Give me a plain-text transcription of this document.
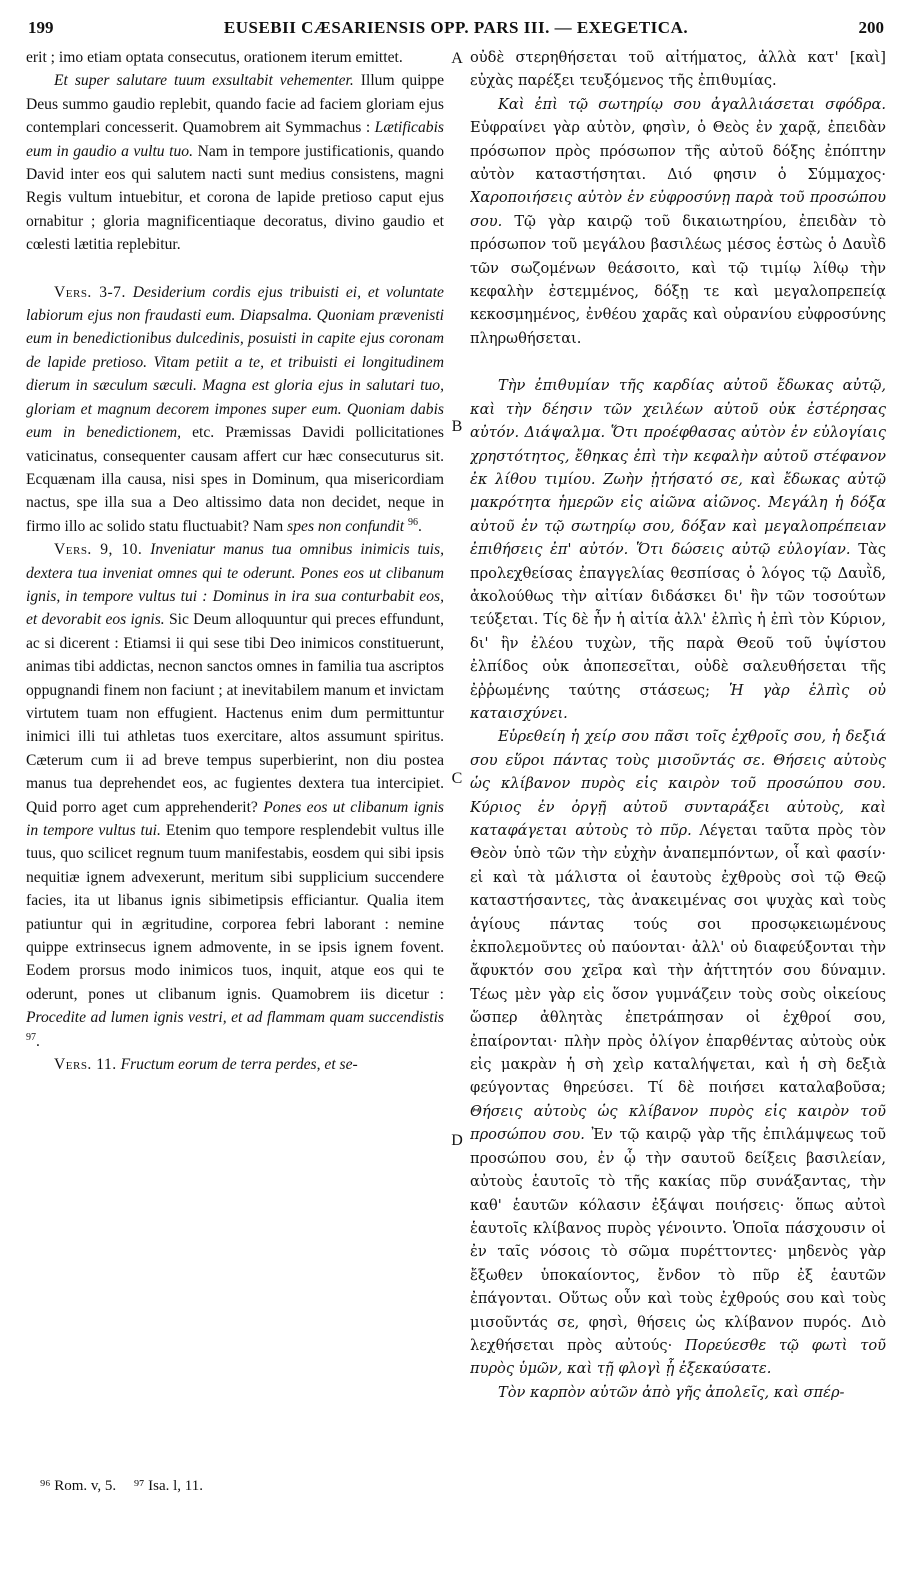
199	EUSEBII CÆSARIENSIS OPP. PARS III. — EXEGETICA.	200

erit ; imo etiam optata consecutus, orationem iterum emittet.

Et super salutare tuum exsultabit vehementer. Illum quippe Deus summo gaudio replebit, quando facie ad faciem gloriam ejus contemplari concesserit. Quamobrem ait Symmachus : Lætificabis eum in gaudio a vultu tuo. Nam in tempore justificationis, quando David inter eos qui salutem nacti sunt medius consistens, magni Regis vultum intuebitur, et corona de lapide pretioso caput ejus ornabitur ; gloria magnificentiaque decoratus, divino gaudio et cœlesti lætitia replebitur.

Vers. 3-7. Desiderium cordis ejus tribuisti ei, et voluntate labiorum ejus non fraudasti eum. Diapsalma. Quoniam prævenisti eum in benedictionibus dulcedinis, posuisti in capite ejus coronam de lapide pretioso. Vitam petiit a te, et tribuisti ei longitudinem dierum in sæculum sæculi. Magna est gloria ejus in salutari tuo, gloriam et magnum decorem impones super eum. Quoniam dabis eum in benedictionem, etc. Præmissas Davidi pollicitationes vaticinatus, consequenter causam affert cur hæc consecuturus sit. Ecquænam illa causa, nisi spes in Dominum, qua misericordiam nactus, spe illa sua a Deo altissimo data non decidet, neque in firmo illo ac solido statu fluctuabit? Nam spes non confundit $^{96}$.

Vers. 9, 10. Inveniatur manus tua omnibus inimicis tuis, dextera tua inveniat omnes qui te oderunt. Pones eos ut clibanum ignis, in tempore vultus tui : Dominus in ira sua conturbabit eos, et devorabit eos ignis. Sic Deum alloquuntur qui preces effundunt, ac si dicerent : Etiamsi ii qui sese tibi Deo inimicos constituerunt, animas tibi addictas, necnon sanctos omnes in familia tua ascriptos oppugnandi finem non faciunt ; at inevitabilem manum et invictam virtutem tuam non effugient. Hactenus enim dum permittuntur inimici illi tui athletas tuos exercitare, altos assumunt spiritus. Cæterum cum ii ad breve tempus superbierint, non diu postea manus tua deprehendet eos, ac fugientes dextera tua intercipiet. Quid porro aget cum apprehenderit? Pones eos ut clibanum ignis in tempore vultus tui. Etenim quo tempore resplendebit vultus ille tuus, quo scilicet regnum tuum manifestabis, eosdem qui sibi ipsis nequitiæ ignem advexerunt, meritum sibi supplicium succendere facies, ita ut libanus ignis sibimetipsis efficiantur. Qualia item patiuntur qui in ægritudine, corporea febri laborant : nemine quippe extrinsecus ignem admovente, in se ipsis ignem fovent. Eodem prorsus modo inimicos tuos, inquit, atque eos qui te oderunt, pones ut clibanum ignis. Quamobrem iis dicetur : Procedite ad lumen ignis vestri, et ad flammam quam succendistis $^{97}$.

Vers. 11. Fructum eorum de terra perdes, et se-

A
B
C
D

οὐδὲ στερηθήσεται τοῦ αἰτήματος, ἀλλὰ κατ' [καὶ] εὐχὰς παρέξει τευξόμενος τῆς ἐπιθυμίας.

Καὶ ἐπὶ τῷ σωτηρίῳ σου ἀγαλλιάσεται σφόδρα. Εὐφραίνει γὰρ αὐτὸν, φησὶν, ὁ Θεὸς ἐν χαρᾷ, ἐπειδὰν πρόσωπον πρὸς πρόσωπον τῆς αὐτοῦ δόξης ἐπόπτην αὐτὸν καταστήσηται. Διό φησιν ὁ Σύμμαχος· Χαροποιήσεις αὐτὸν ἐν εὐφροσύνῃ παρὰ τοῦ προσώπου σου. Τῷ γὰρ καιρῷ τοῦ δικαιωτηρίου, ἐπειδὰν τὸ πρόσωπον τοῦ μεγάλου βασιλέως μέσος ἑστὼς ὁ Δαυῒδ τῶν σωζομένων θεάσοιτο, καὶ τῷ τιμίῳ λίθῳ τὴν κεφαλὴν ἐστεμμένος, δόξῃ τε καὶ μεγαλοπρεπείᾳ κεκοσμημένος, ἐνθέου χαρᾶς καὶ οὐρανίου εὐφροσύνης πληρωθήσεται.

Τὴν ἐπιθυμίαν τῆς καρδίας αὐτοῦ ἔδωκας αὐτῷ, καὶ τὴν δέησιν τῶν χειλέων αὐτοῦ οὐκ ἐστέρησας αὐτόν. Διάψαλμα. Ὅτι προέφθασας αὐτὸν ἐν εὐλογίαις χρηστότητος, ἔθηκας ἐπὶ τὴν κεφαλὴν αὐτοῦ στέφανον ἐκ λίθου τιμίου. Ζωὴν ᾐτήσατό σε, καὶ ἔδωκας αὐτῷ μακρότητα ἡμερῶν εἰς αἰῶνα αἰῶνος. Μεγάλη ἡ δόξα αὐτοῦ ἐν τῷ σωτηρίῳ σου, δόξαν καὶ μεγαλοπρέπειαν ἐπιθήσεις ἐπ' αὐτόν. Ὅτι δώσεις αὐτῷ εὐλογίαν. Τὰς προλεχθείσας ἐπαγγελίας θεσπίσας ὁ λόγος τῷ Δαυῒδ, ἀκολούθως τὴν αἰτίαν διδάσκει δι' ἣν τῶν τοσούτων τεύξεται. Τίς δὲ ἦν ἡ αἰτία ἀλλ' ἐλπὶς ἡ ἐπὶ τὸν Κύριον, δι' ἣν ἐλέου τυχὼν, τῆς παρὰ Θεοῦ τοῦ ὑψίστου ἐλπίδος οὐκ ἀποπεσεῖται, οὐδὲ σαλευθήσεται τῆς ἐῤῥωμένης ταύτης στάσεως; Ἡ γὰρ ἐλπὶς οὐ καταισχύνει.

Εὑρεθείη ἡ χείρ σου πᾶσι τοῖς ἐχθροῖς σου, ἡ δεξιά σου εὕροι πάντας τοὺς μισοῦντάς σε. Θήσεις αὐτοὺς ὡς κλίβανον πυρὸς εἰς καιρὸν τοῦ προσώπου σου. Κύριος ἐν ὀργῇ αὐτοῦ συνταράξει αὐτοὺς, καὶ καταφάγεται αὐτοὺς τὸ πῦρ. Λέγεται ταῦτα πρὸς τὸν Θεὸν ὑπὸ τῶν τὴν εὐχὴν ἀναπεμπόντων, οἷ καὶ φασίν· εἰ καὶ τὰ μάλιστα οἱ ἑαυτοὺς ἐχθροὺς σοὶ τῷ Θεῷ καταστήσαντες, τὰς ἀνακειμένας σοι ψυχὰς καὶ τοὺς ἁγίους πάντας τούς σοι προσῳκειωμένους ἐκπολεμοῦντες οὐ παύονται· ἀλλ' οὐ διαφεύξονται τὴν ἄφυκτόν σου χεῖρα καὶ τὴν ἀήττητόν σου δύναμιν. Τέως μὲν γὰρ εἰς ὅσον γυμνάζειν τοὺς σοὺς οἰκείους ὥσπερ ἀθλητὰς ἐπετράπησαν οἱ ἐχθροί σου, ἐπαίρονται· πλὴν πρὸς ὀλίγον ἐπαρθέντας αὐτοὺς οὐκ εἰς μακρὰν ἡ σὴ χεὶρ καταλήψεται, καὶ ἡ σὴ δεξιὰ φεύγοντας θηρεύσει. Τί δὲ ποιήσει καταλαβοῦσα; Θήσεις αὐτοὺς ὡς κλίβανον πυρὸς εἰς καιρὸν τοῦ προσώπου σου. Ἐν τῷ καιρῷ γὰρ τῆς ἐπιλάμψεως τοῦ προσώπου σου, ἐν ᾧ τὴν σαυτοῦ δείξεις βασιλείαν, αὐτοὺς ἑαυτοῖς τὸ τῆς κακίας πῦρ συνάξαντας, τὴν καθ' ἑαυτῶν κόλασιν ἐξάψαι ποιήσεις· ὅπως αὐτοὶ ἑαυτοῖς κλίβανος πυρὸς γένοιντο. Ὁποῖα πάσχουσιν οἱ ἐν ταῖς νόσοις τὸ σῶμα πυρέττοντες· μηδενὸς γὰρ ἔξωθεν ὑποκαίοντος, ἔνδον τὸ πῦρ ἐξ ἑαυτῶν ἐπάγονται. Οὕτως οὖν καὶ τοὺς ἐχθρούς σου καὶ τοὺς μισοῦντάς σε, φησὶ, θήσεις ὡς κλίβανον πυρός. Διὸ λεχθήσεται πρὸς αὐτούς· Πορεύεσθε τῷ φωτὶ τοῦ πυρὸς ὑμῶν, καὶ τῇ φλογὶ ᾗ ἐξεκαύσατε.

Τὸν καρπὸν αὐτῶν ἀπὸ γῆς ἀπολεῖς, καὶ σπέρ-

⁹⁶ Rom. v, 5. ⁹⁷ Isa. l, 11.
